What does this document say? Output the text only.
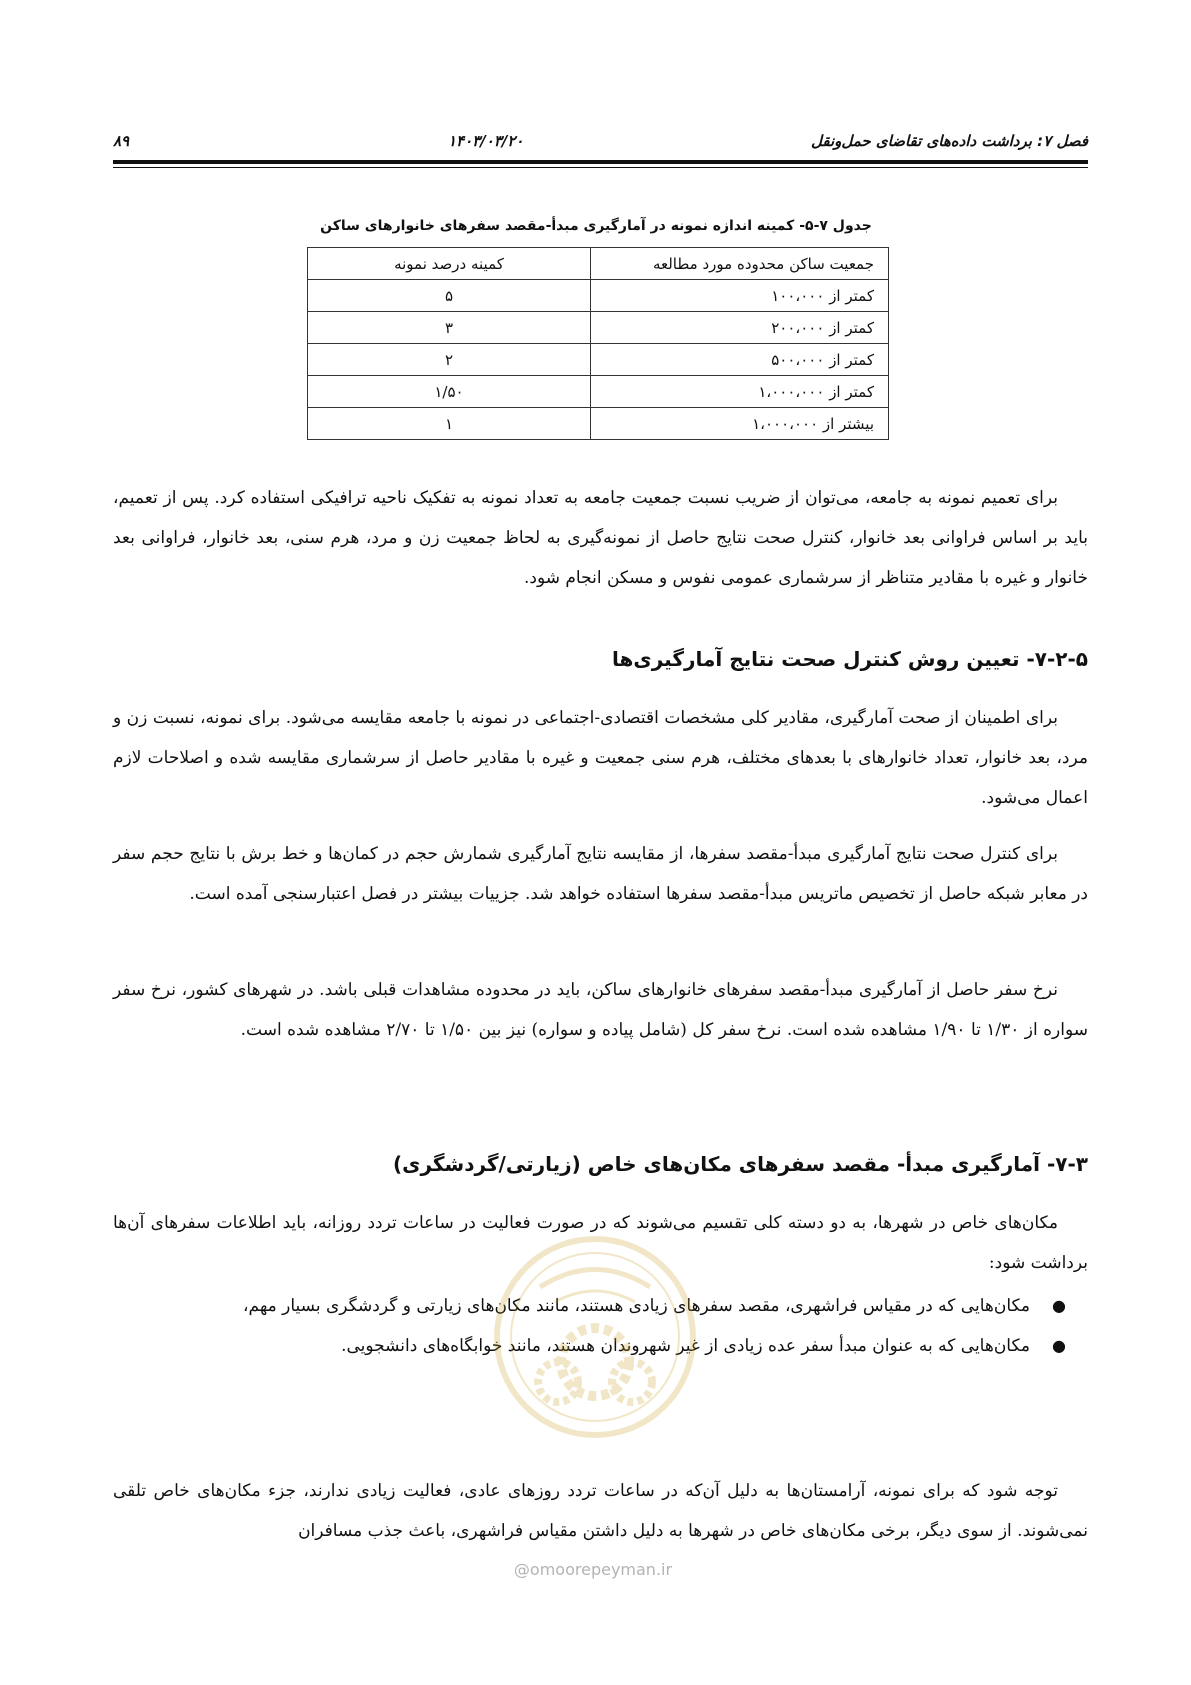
فصل ۷: برداشت داده‌های تقاضای حمل‌ونقل
۱۴۰۳/۰۳/۲۰
۸۹
جدول ۷-۵- کمینه اندازه نمونه در آمارگیری مبدأ-مقصد سفرهای خانوارهای ساکن
جمعیت ساکن محدوده مورد مطالعه	کمینه درصد نمونه
کمتر از ۱۰۰،۰۰۰	۵
کمتر از ۲۰۰،۰۰۰	۳
کمتر از ۵۰۰،۰۰۰	۲
کمتر از ۱،۰۰۰،۰۰۰	۱/۵۰
بیشتر از ۱،۰۰۰،۰۰۰	۱

برای تعمیم نمونه به جامعه، می‌توان از ضریب نسبت جمعیت جامعه به تعداد نمونه به تفکیک ناحیه ترافیکی استفاده کرد. پس از تعمیم، باید بر اساس فراوانی بعد خانوار، کنترل صحت نتایج حاصل از نمونه‌گیری به لحاظ جمعیت زن و مرد، هرم سنی، بعد خانوار، فراوانی بعد خانوار و غیره با مقادیر متناظر از سرشماری عمومی نفوس و مسکن انجام شود.

۷-۲-۵- تعیین روش کنترل صحت نتایج آمارگیری‌ها

برای اطمینان از صحت آمارگیری، مقادیر کلی مشخصات اقتصادی-اجتماعی در نمونه با جامعه مقایسه می‌شود. برای نمونه، نسبت زن و مرد، بعد خانوار، تعداد خانوارهای با بعدهای مختلف، هرم سنی جمعیت و غیره با مقادیر حاصل از سرشماری مقایسه شده و اصلاحات لازم اعمال می‌شود.

برای کنترل صحت نتایج آمارگیری مبدأ-مقصد سفرها، از مقایسه نتایج آمارگیری شمارش حجم در کمان‌ها و خط برش با نتایج حجم سفر در معابر شبکه حاصل از تخصیص ماتریس مبدأ-مقصد سفرها استفاده خواهد شد. جزییات بیشتر در فصل اعتبارسنجی آمده است.

نرخ سفر حاصل از آمارگیری مبدأ-مقصد سفرهای خانوارهای ساکن، باید در محدوده مشاهدات قبلی باشد. در شهرهای کشور، نرخ سفر سواره از ۱/۳۰ تا ۱/۹۰ مشاهده شده است. نرخ سفر کل (شامل پیاده و سواره) نیز بین ۱/۵۰ تا ۲/۷۰ مشاهده شده است.

۷-۳- آمارگیری مبدأ- مقصد سفرهای مکان‌های خاص (زیارتی/گردشگری)

مکان‌های خاص در شهرها، به دو دسته کلی تقسیم می‌شوند که در صورت فعالیت در ساعات تردد روزانه، باید اطلاعات سفرهای آن‌ها برداشت شود:

●
مکان‌هایی که در مقیاس فراشهری، مقصد سفرهای زیادی هستند، مانند مکان‌های زیارتی و گردشگری بسیار مهم،
●
مکان‌هایی که به عنوان مبدأ سفر عده زیادی از غیر شهروندان هستند، مانند خوابگاه‌های دانشجویی.

توجه شود که برای نمونه، آرامستان‌ها به دلیل آن‌که در ساعات تردد روزهای عادی، فعالیت زیادی ندارند، جزء مکان‌های خاص تلقی نمی‌شوند. از سوی دیگر، برخی مکان‌های خاص در شهرها به دلیل داشتن مقیاس فراشهری، باعث جذب مسافران

@omoorepeyman.ir
